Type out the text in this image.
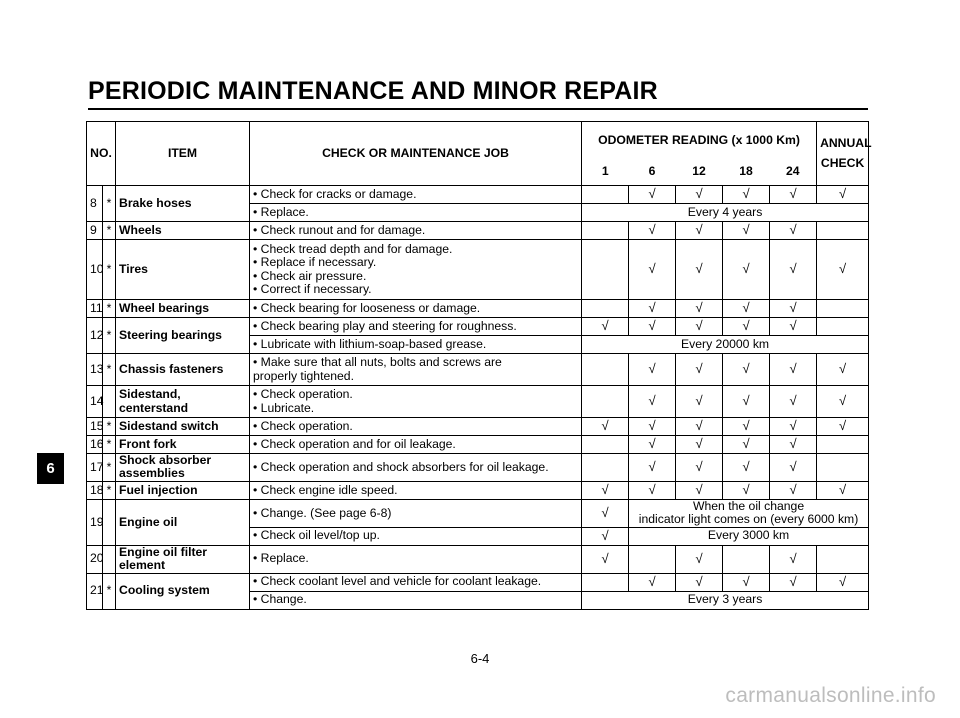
PERIODIC MAINTENANCE AND MINOR REPAIR
6
NO.		ITEM	CHECK OR MAINTENANCE JOB	ODOMETER READING (x 1000 Km)					ANNUAL
CHECK

				1	6	12	18	24	
8	*	Brake hoses	• Check for cracks or damage.		√	√	√	√	√

			• Replace.	Every 4 years					
9	*	Wheels	• Check runout and for damage.		√	√	√	√	
10	*	Tires	• Check tread depth and for damage.
• Replace if necessary.
• Check air pressure.
• Correct if necessary.		√	√	√	√	√
11	*	Wheel bearings	• Check bearing for looseness or damage.		√	√	√	√	
12	*	Steering bearings	• Check bearing play and steering for roughness.	√	√	√	√	√	

			• Lubricate with lithium-soap-based grease.	Every 20000 km					
13	*	Chassis fasteners	• Make sure that all nuts, bolts and screws are
properly tightened.		√	√	√	√	√
14		Sidestand, centerstand	• Check operation.
• Lubricate.		√	√	√	√	√
15	*	Sidestand switch	• Check operation.	√	√	√	√	√	√
16	*	Front fork	• Check operation and for oil leakage.		√	√	√	√	
17	*	Shock absorber
assemblies	• Check operation and shock absorbers for oil leakage.		√	√	√	√	
18	*	Fuel injection	• Check engine idle speed.	√	√	√	√	√	√
19		Engine oil	• Change. (See page 6-8)	√	When the oil change
indicator light comes on (every 6000 km)				

			• Check oil level/top up.	√	Every 3000 km				
20		Engine oil filter element	• Replace.	√		√		√	
21	*	Cooling system	• Check coolant level and vehicle for coolant leakage.		√	√	√	√	√

			• Change.	Every 3 years					
6-4
carmanualsonline.info
